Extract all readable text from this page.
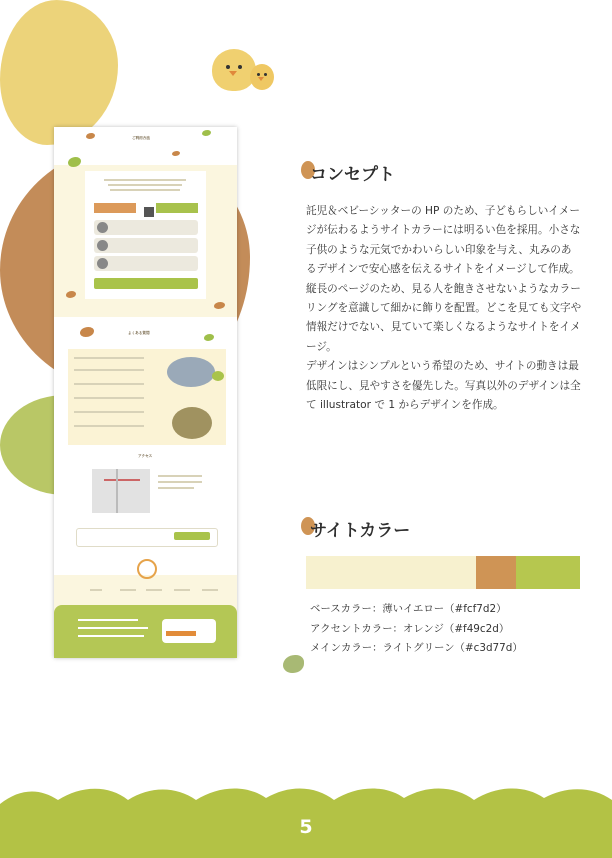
ご利用方法
よくある質問
アクセス
コンセプト

託児＆ベビーシッターの HP のため、子どもらしいイメージが伝わるようサイトカラーには明るい色を採用。小さな子供のような元気でかわいらしい印象を与え、丸みのあるデザインで安心感を伝えるサイトをイメージして作成。

縦長のページのため、見る人を飽きさせないようなカラーリングを意識して細かに飾りを配置。どこを見ても文字や情報だけでない、見ていて楽しくなるようなサイトをイメージ。

デザインはシンプルという希望のため、サイトの動きは最低限にし、見やすさを優先した。写真以外のデザインは全て illustrator で 1 からデザインを作成。

サイトカラー
ベースカラー：薄いイエロー（#fcf7d2）
アクセントカラー：オレンジ（#f49c2d）
メインカラー：ライトグリーン（#c3d77d）
5
